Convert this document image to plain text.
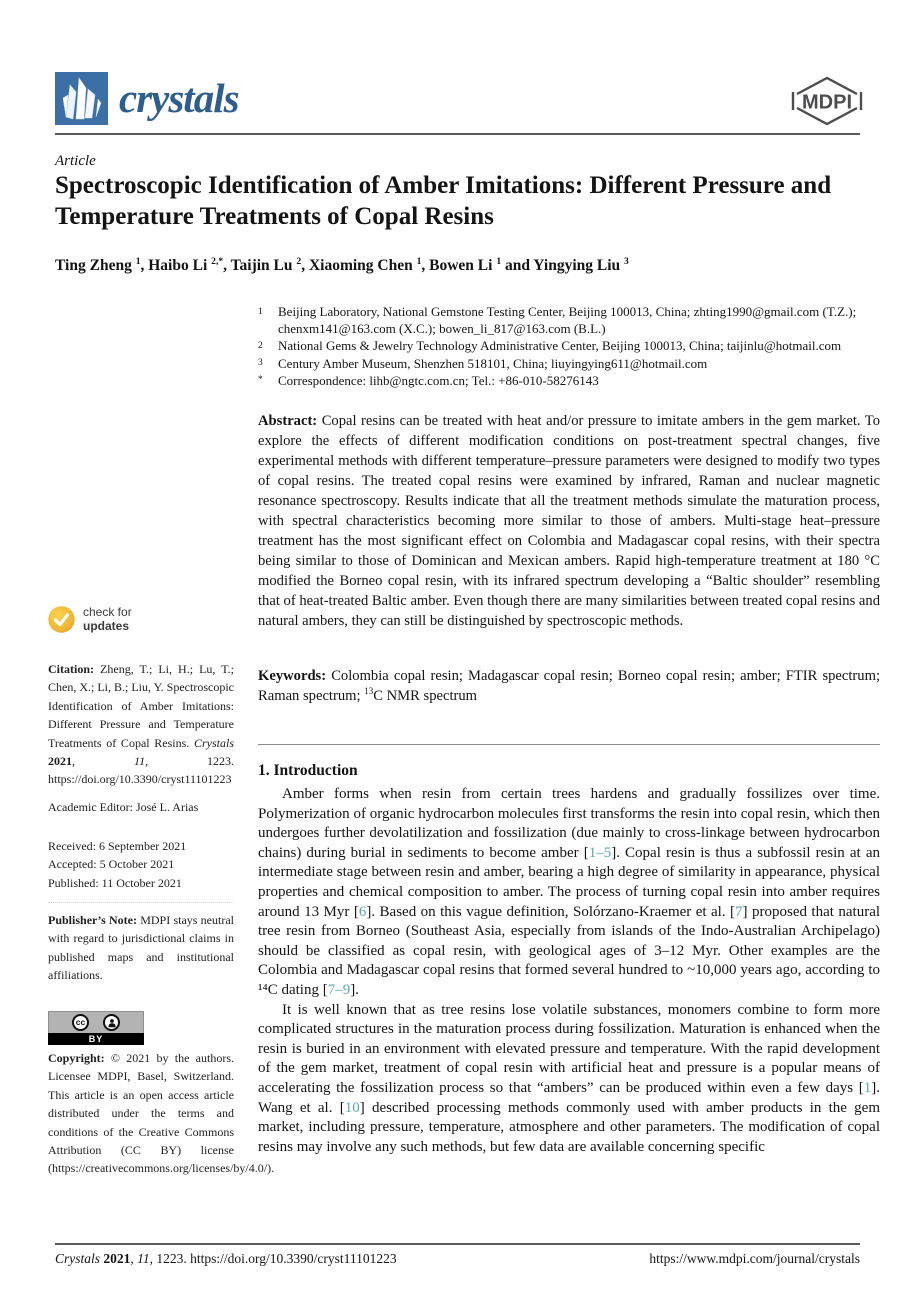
crystals	MDPI
Article
Spectroscopic Identification of Amber Imitations: Different Pressure and Temperature Treatments of Copal Resins
Ting Zheng $^1$, Haibo Li $^{2,*}$, Taijin Lu $^2$, Xiaoming Chen $^1$, Bowen Li $^1$ and Yingying Liu $^3$
1	Beijing Laboratory, National Gemstone Testing Center, Beijing 100013, China; zhting1990@gmail.com (T.Z.); chenxm141@163.com (X.C.); bowen_li_817@163.com (B.L.)
2	National Gems & Jewelry Technology Administrative Center, Beijing 100013, China; taijinlu@hotmail.com
3	Century Amber Museum, Shenzhen 518101, China; liuyingying611@hotmail.com
*	Correspondence: lihb@ngtc.com.cn; Tel.: +86-010-58276143

Abstract: Copal resins can be treated with heat and/or pressure to imitate ambers in the gem market. To explore the effects of different modification conditions on post-treatment spectral changes, five experimental methods with different temperature–pressure parameters were designed to modify two types of copal resins. The treated copal resins were examined by infrared, Raman and nuclear magnetic resonance spectroscopy. Results indicate that all the treatment methods simulate the maturation process, with spectral characteristics becoming more similar to those of ambers. Multi-stage heat–pressure treatment has the most significant effect on Colombia and Madagascar copal resins, with their spectra being similar to those of Dominican and Mexican ambers. Rapid high-temperature treatment at 180 °C modified the Borneo copal resin, with its infrared spectrum developing a “Baltic shoulder” resembling that of heat-treated Baltic amber. Even though there are many similarities between treated copal resins and natural ambers, they can still be distinguished by spectroscopic methods.

Keywords: Colombia copal resin; Madagascar copal resin; Borneo copal resin; amber; FTIR spectrum; Raman spectrum; $^{13}$C NMR spectrum

1. Introduction

Amber forms when resin from certain trees hardens and gradually fossilizes over time. Polymerization of organic hydrocarbon molecules first transforms the resin into copal resin, which then undergoes further devolatilization and fossilization (due mainly to cross-linkage between hydrocarbon chains) during burial in sediments to become amber [1–5]. Copal resin is thus a subfossil resin at an intermediate stage between resin and amber, bearing a high degree of similarity in appearance, physical properties and chemical composition to amber. The process of turning copal resin into amber requires around 13 Myr [6]. Based on this vague definition, Solórzano-Kraemer et al. [7] proposed that natural tree resin from Borneo (Southeast Asia, especially from islands of the Indo-Australian Archipelago) should be classified as copal resin, with geological ages of 3–12 Myr. Other examples are the Colombia and Madagascar copal resins that formed several hundred to ~10,000 years ago, according to ¹⁴C dating [7–9].

It is well known that as tree resins lose volatile substances, monomers combine to form more complicated structures in the maturation process during fossilization. Maturation is enhanced when the resin is buried in an environment with elevated pressure and temperature. With the rapid development of the gem market, treatment of copal resin with artificial heat and pressure is a popular means of accelerating the fossilization process so that “ambers” can be produced within even a few days [1]. Wang et al. [10] described processing methods commonly used with amber products in the gem market, including pressure, temperature, atmosphere and other parameters. The modification of copal resins may involve any such methods, but few data are available concerning specific

check for
updates
Citation: Zheng, T.; Li, H.; Lu, T.; Chen, X.; Li, B.; Liu, Y. Spectroscopic Identification of Amber Imitations: Different Pressure and Temperature Treatments of Copal Resins. Crystals 2021, 11, 1223. https://doi.org/10.3390/cryst11101223
Academic Editor: José L. Arias

Received: 6 September 2021

Accepted: 5 October 2021

Published: 11 October 2021

Publisher’s Note: MDPI stays neutral with regard to jurisdictional claims in published maps and institutional affiliations.
cc
BY
Copyright: © 2021 by the authors. Licensee MDPI, Basel, Switzerland. This article is an open access article distributed under the terms and conditions of the Creative Commons Attribution (CC BY) license (https://creativecommons.org/licenses/by/4.0/).
Crystals 2021, 11, 1223. https://doi.org/10.3390/cryst11101223	https://www.mdpi.com/journal/crystals
